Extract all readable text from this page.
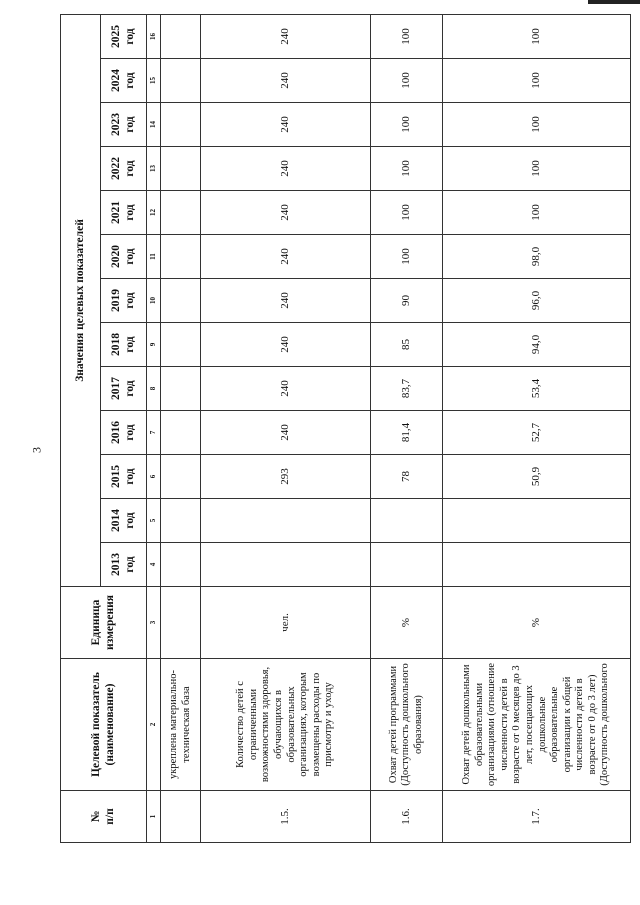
3
№
п/п	Целевой показатель
(наименование)	Единица
измерения	Значения целевых показателей												
			2013
год	2014
год	2015
год	2016
год	2017
год	2018
год	2019
год	2020
год	2021
год	2022
год	2023
год	2024
год	2025
год
1	2	3	4	5	6	7	8	9	10	11	12	13	14	15	16
	укреплена материально-техническая база														
1.5.	Количество детей с ограниченными возможностями здоровья, обучающихся в образовательных организациях, которым возмещены расходы по присмотру и уходу	чел.			293	240	240	240	240	240	240	240	240	240	240
1.6.	Охват детей программами (Доступность дошкольного образования)	%			78	81,4	83,7	85	90	100	100	100	100	100	100
1.7.	Охват детей дошкольными образовательными организациями (отношение численности детей в возрасте от 0 месяцев до 3 лет, посещающих дошкольные образовательные организации к общей численности детей в возрасте от 0 до 3 лет) (Доступность дошкольного	%			50,9	52,7	53,4	94,0	96,0	98,0	100	100	100	100	100
